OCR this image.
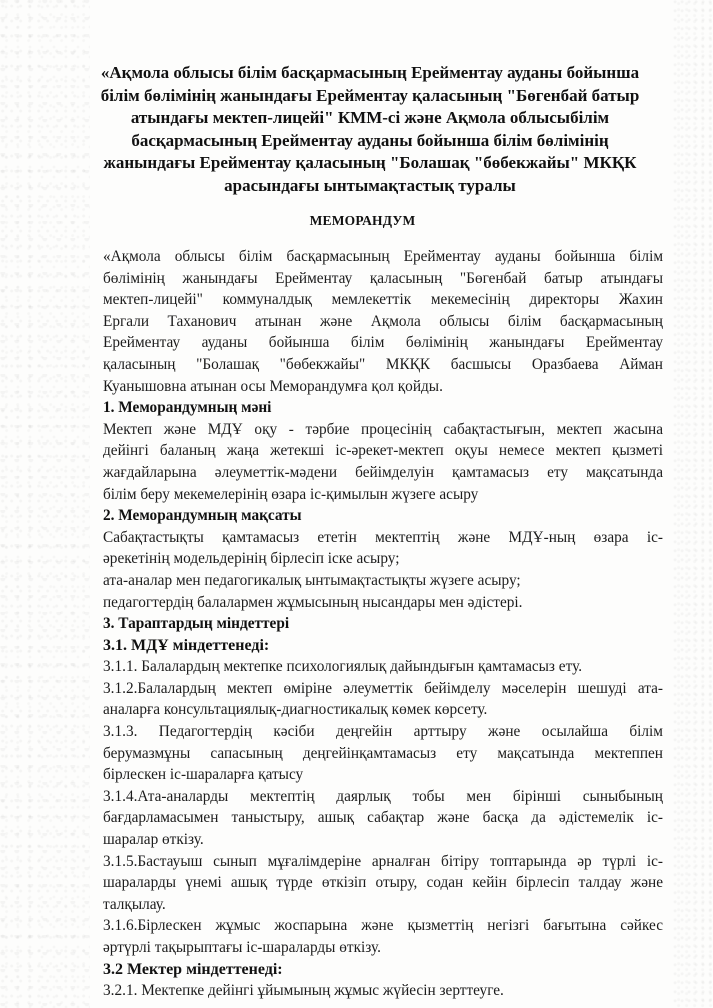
«Ақмола облысы білім басқармасының Ерейментау ауданы бойынша
білім бөлімінің жанындағы Ерейментау қаласының "Бөгенбай батыр
атындағы мектеп-лицейі" КММ-сі және Ақмола облысыбілім
басқармасының Ерейментау ауданы бойынша білім бөлімінің
жанындағы Ерейментау қаласының "Болашақ "бөбекжайы" МКҚК
арасындағы ынтымақтастық туралы
МЕМОРАНДУМ
«Ақмола облысы білім басқармасының Ерейментау ауданы бойынша білім
бөлімінің жанындағы Ерейментау қаласының "Бөгенбай батыр атындағы
мектеп-лицейі" коммуналдық мемлекеттік мекемесінің директоры Жахин
Ергали Таханович атынан және Ақмола облысы білім басқармасының
Ерейментау ауданы бойынша білім бөлімінің жанындағы Ерейментау
қаласының "Болашақ "бөбекжайы" МКҚК басшысы Оразбаева Айман
Куанышовна атынан осы Меморандумға қол қойды.
1. Меморандумның мәні
Мектеп және МДҰ оқу - тәрбие процесінің сабақтастығын, мектеп жасына
дейінгі баланың жаңа жетекші іс-әрекет-мектеп оқуы немесе мектеп қызметі
жағдайларына әлеуметтік-мәдени бейімделуін қамтамасыз ету мақсатында
білім беру мекемелерінің өзара іс-қимылын жүзеге асыру
2. Меморандумның мақсаты
Сабақтастықты қамтамасыз ететін мектептің және МДҰ-ның өзара іс-
әрекетінің модельдерінің бірлесіп іске асыру;
ата-аналар мен педагогикалық ынтымақтастықты жүзеге асыру;
педагогтердің балалармен жұмысының нысандары мен әдістері.
3. Тараптардың міндеттері
3.1. МДҰ міндеттенеді:
3.1.1. Балалардың мектепке психологиялық дайындығын қамтамасыз ету.
3.1.2.Балалардың мектеп өміріне әлеуметтік бейімделу мәселерін шешуді ата-
аналарға консультациялық-диагностикалық көмек көрсету.
3.1.3. Педагогтердің кәсіби деңгейін арттыру және осылайша білім
берумазмұны сапасының деңгейінқамтамасыз ету мақсатында мектеппен
бірлескен іс-шараларға қатысу
3.1.4.Ата-аналарды мектептің даярлық тобы мен бірінші сыныбының
бағдарламасымен таныстыру, ашық сабақтар және басқа да әдістемелік іс-
шаралар өткізу.
3.1.5.Бастауыш сынып мұғалімдеріне арналған бітіру топтарында әр түрлі іс-
шараларды үнемі ашық түрде өткізіп отыру, содан кейін бірлесіп талдау және
талқылау.
3.1.6.Бірлескен жұмыс жоспарына және қызметтің негізгі бағытына сәйкес
әртүрлі тақырыптағы іс-шараларды өткізу.
3.2 Мектер міндеттенеді:
3.2.1. Мектепке дейінгі ұйымының жұмыс жүйесін зерттеуге.
